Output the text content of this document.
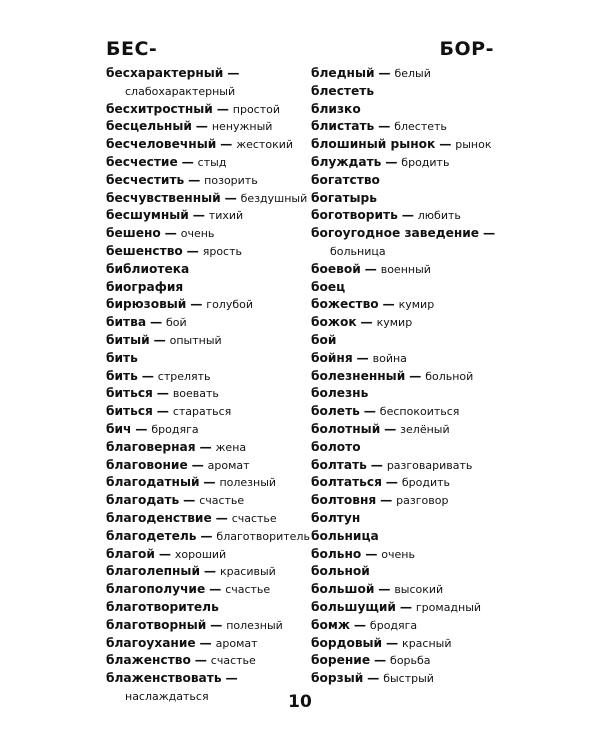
БЕС-	БОР-
бесхарактерный —
слабохарактерный
бесхитростный — простой
бесцельный — ненужный
бесчеловечный — жестокий
бесчестие — стыд
бесчестить — позорить
бесчувственный — бездушный
бесшумный — тихий
бешено — очень
бешенство — ярость
библиотека
биография
бирюзовый — голубой
битва — бой
битый — опытный
бить
бить — стрелять
биться — воевать
биться — стараться
бич — бродяга
благоверная — жена
благовоние — аромат
благодатный — полезный
благодать — счастье
благоденствие — счастье
благодетель — благотворитель
благой — хороший
благолепный — красивый
благополучие — счастье
благотворитель
благотворный — полезный
благоухание — аромат
блаженство — счастье
блаженствовать —
наслаждаться
бледный — белый
блестеть
близко
блистать — блестеть
блошиный рынок — рынок
блуждать — бродить
богатство
богатырь
боготворить — любить
богоугодное заведение —
больница
боевой — военный
боец
божество — кумир
божок — кумир
бой
бойня — война
болезненный — больной
болезнь
болеть — беспокоиться
болотный — зелёный
болото
болтать — разговаривать
болтаться — бродить
болтовня — разговор
болтун
больница
больно — очень
больной
большой — высокий
большущий — громадный
бомж — бродяга
бордовый — красный
борение — борьба
борзый — быстрый
10
